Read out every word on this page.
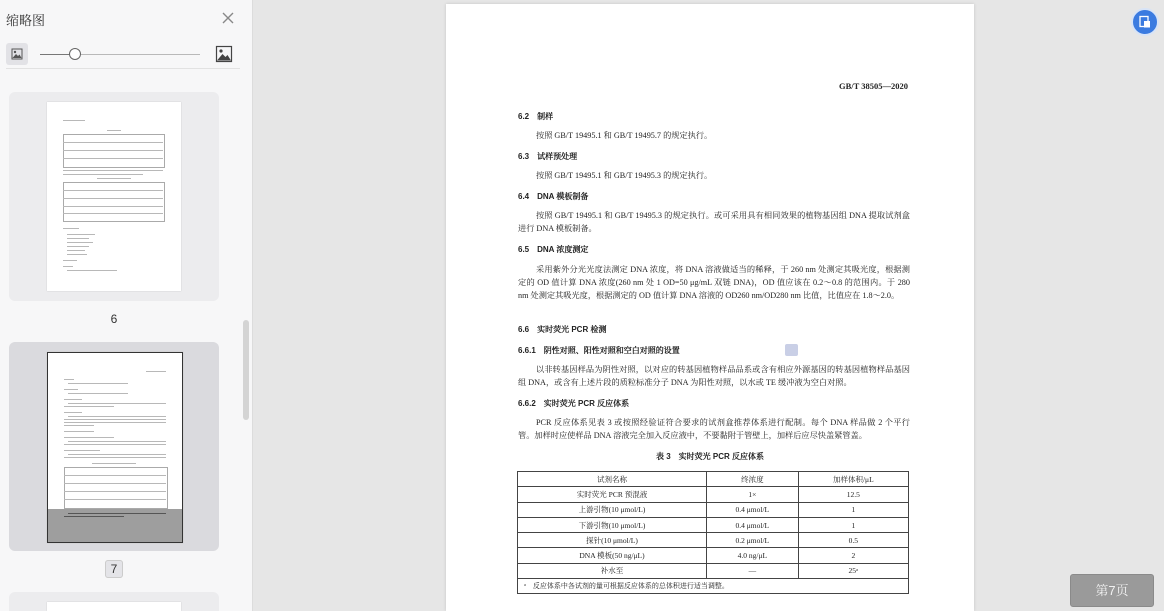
缩略图
6
7
GB/T 38505—2020
6.2　制样
按照 GB/T 19495.1 和 GB/T 19495.7 的规定执行。
6.3　试样预处理
按照 GB/T 19495.1 和 GB/T 19495.3 的规定执行。
6.4　DNA 模板制备
按照 GB/T 19495.1 和 GB/T 19495.3 的规定执行。或可采用具有相同效果的植物基因组 DNA 提取试剂盒进行 DNA 模板制备。
6.5　DNA 浓度测定
采用紫外分光光度法测定 DNA 浓度，将 DNA 溶液做适当的稀释，于 260 nm 处测定其吸光度，根据测定的 OD 值计算 DNA 浓度(260 nm 处 1 OD=50 μg/mL 双链 DNA)，OD 值应该在 0.2～0.8 的范围内。于 280 nm 处测定其吸光度，根据测定的 OD 值计算 DNA 溶液的 OD260 nm/OD280 nm 比值，比值应在 1.8～2.0。
6.6　实时荧光 PCR 检测
6.6.1　阴性对照、阳性对照和空白对照的设置
以非转基因样品为阴性对照，以对应的转基因植物样品品系或含有相应外源基因的转基因植物样品基因组 DNA，或含有上述片段的质粒标准分子 DNA 为阳性对照，以水或 TE 缓冲液为空白对照。
6.6.2　实时荧光 PCR 反应体系
PCR 反应体系见表 3 或按照经验证符合要求的试剂盒推荐体系进行配制。每个 DNA 样品做 2 个平行管。加样时应使样品 DNA 溶液完全加入反应液中，不要黏附于管壁上，加样后应尽快盖紧管盖。
表 3　实时荧光 PCR 反应体系
试剂名称	终浓度	加样体积/μL
实时荧光 PCR 预混液	1×	12.5
上游引物(10 μmol/L)	0.4 μmol/L	1
下游引物(10 μmol/L)	0.4 μmol/L	1
探针(10 μmol/L)	0.2 μmol/L	0.5
DNA 模板(50 ng/μL)	4.0 ng/μL	2
补水至	—	25ᵃ
ᵃ　反应体系中各试剂的量可根据反应体系的总体积进行适当调整。			第7页
